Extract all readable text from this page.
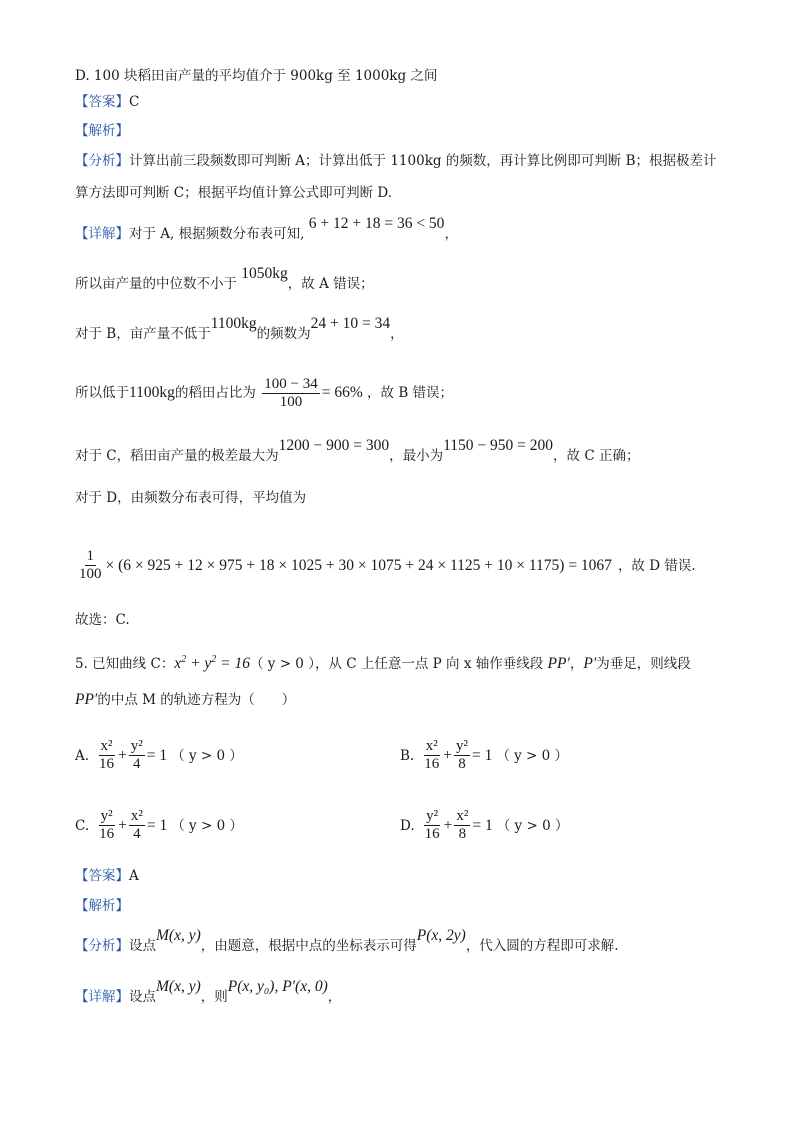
D. 100 块稻田亩产量的平均值介于 900kg 至 1000kg 之间
【答案】C
【解析】
【分析】计算出前三段频数即可判断 A；计算出低于 1100kg 的频数，再计算比例即可判断 B；根据极差计
算方法即可判断 C；根据平均值计算公式即可判断 D.
【详解】对于 A, 根据频数分布表可知, 6 + 12 + 18 = 36 < 50，
所以亩产量的中位数不小于 1050kg，故 A 错误；
对于 B，亩产量不低于1100kg的频数为24 + 10 = 34，
所以低于1100kg的稻田占比为 $\frac{100 - 34}{100} = 66\%$ ，故 B 错误；
对于 C，稻田亩产量的极差最大为1200 − 900 = 300，最小为1150 − 950 = 200，故 C 正确；
对于 D，由频数分布表可得，平均值为
$\frac{1}{100} \times (6 \times 925 + 12 \times 975 + 18 \times 1025 + 30 \times 1075 + 24 \times 1125 + 10 \times 1175) = 1067$ ，故 D 错误.
故选：C.
5. 已知曲线 C：$x^2 + y^2 = 16$（ y > 0 ），从 C 上任意一点 P 向 x 轴作垂线段 PP′，P′为垂足，则线段
PP′的中点 M 的轨迹方程为（　　）
A. $\frac{\text{x²}}{16} + \frac{\text{y²}}{4} = 1$ （ y > 0 ）	B. $\frac{\text{x²}}{16} + \frac{\text{y²}}{8} = 1$ （ y > 0 ）
C. $\frac{\text{y²}}{16} + \frac{\text{x²}}{4} = 1$ （ y > 0 ）	D. $\frac{\text{y²}}{16} + \frac{\text{x²}}{8} = 1$ （ y > 0 ）
【答案】A
【解析】
【分析】设点M(x, y)，由题意，根据中点的坐标表示可得P(x, 2y)，代入圆的方程即可求解.
【详解】设点M(x, y)，则P(x, y₀), P′(x, 0)，
